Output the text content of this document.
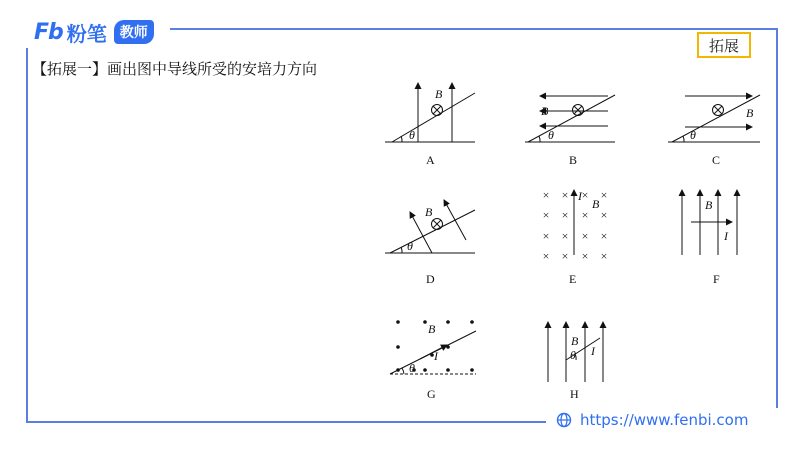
Fb 粉笔 教师
拓展
【拓展一】画出图中导线所受的安培力方向
B
θ
A
B
θ
B
B
θ
C
B
θ
D
× ×	×
× × × ×
× × × ×
× × × ×
×
I
B
E
B
I
F
B
I
θ
G
B
I
θ
H
https://www.fenbi.com
